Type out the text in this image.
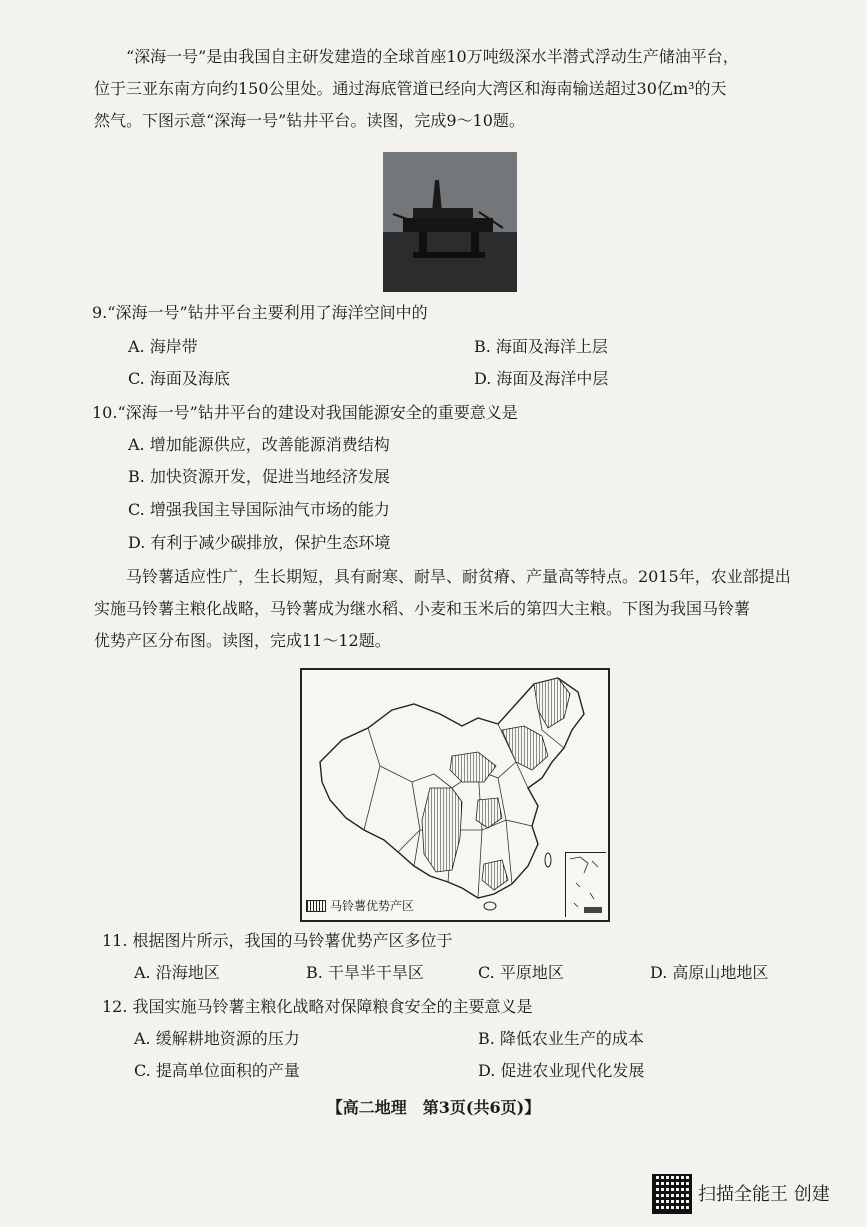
“深海一号”是由我国自主研发建造的全球首座10万吨级深水半潜式浮动生产储油平台，
位于三亚东南方向约150公里处。通过海底管道已经向大湾区和海南输送超过30亿m³的天
然气。下图示意“深海一号”钻井平台。读图，完成9～10题。
9.“深海一号”钻井平台主要利用了海洋空间中的
A. 海岸带	B. 海面及海洋上层
C. 海面及海底	D. 海面及海洋中层
10.“深海一号”钻井平台的建设对我国能源安全的重要意义是
A. 增加能源供应，改善能源消费结构
B. 加快资源开发，促进当地经济发展
C. 增强我国主导国际油气市场的能力
D. 有利于减少碳排放，保护生态环境
马铃薯适应性广，生长期短，具有耐寒、耐旱、耐贫瘠、产量高等特点。2015年，农业部提出
实施马铃薯主粮化战略，马铃薯成为继水稻、小麦和玉米后的第四大主粮。下图为我国马铃薯
优势产区分布图。读图，完成11～12题。
马铃薯优势产区
11. 根据图片所示，我国的马铃薯优势产区多位于
A. 沿海地区	B. 干旱半干旱区	C. 平原地区	D. 高原山地地区
12. 我国实施马铃薯主粮化战略对保障粮食安全的主要意义是
A. 缓解耕地资源的压力	B. 降低农业生产的成本
C. 提高单位面积的产量	D. 促进农业现代化发展
【高二地理　第3页(共6页)】
扫描全能王 创建
